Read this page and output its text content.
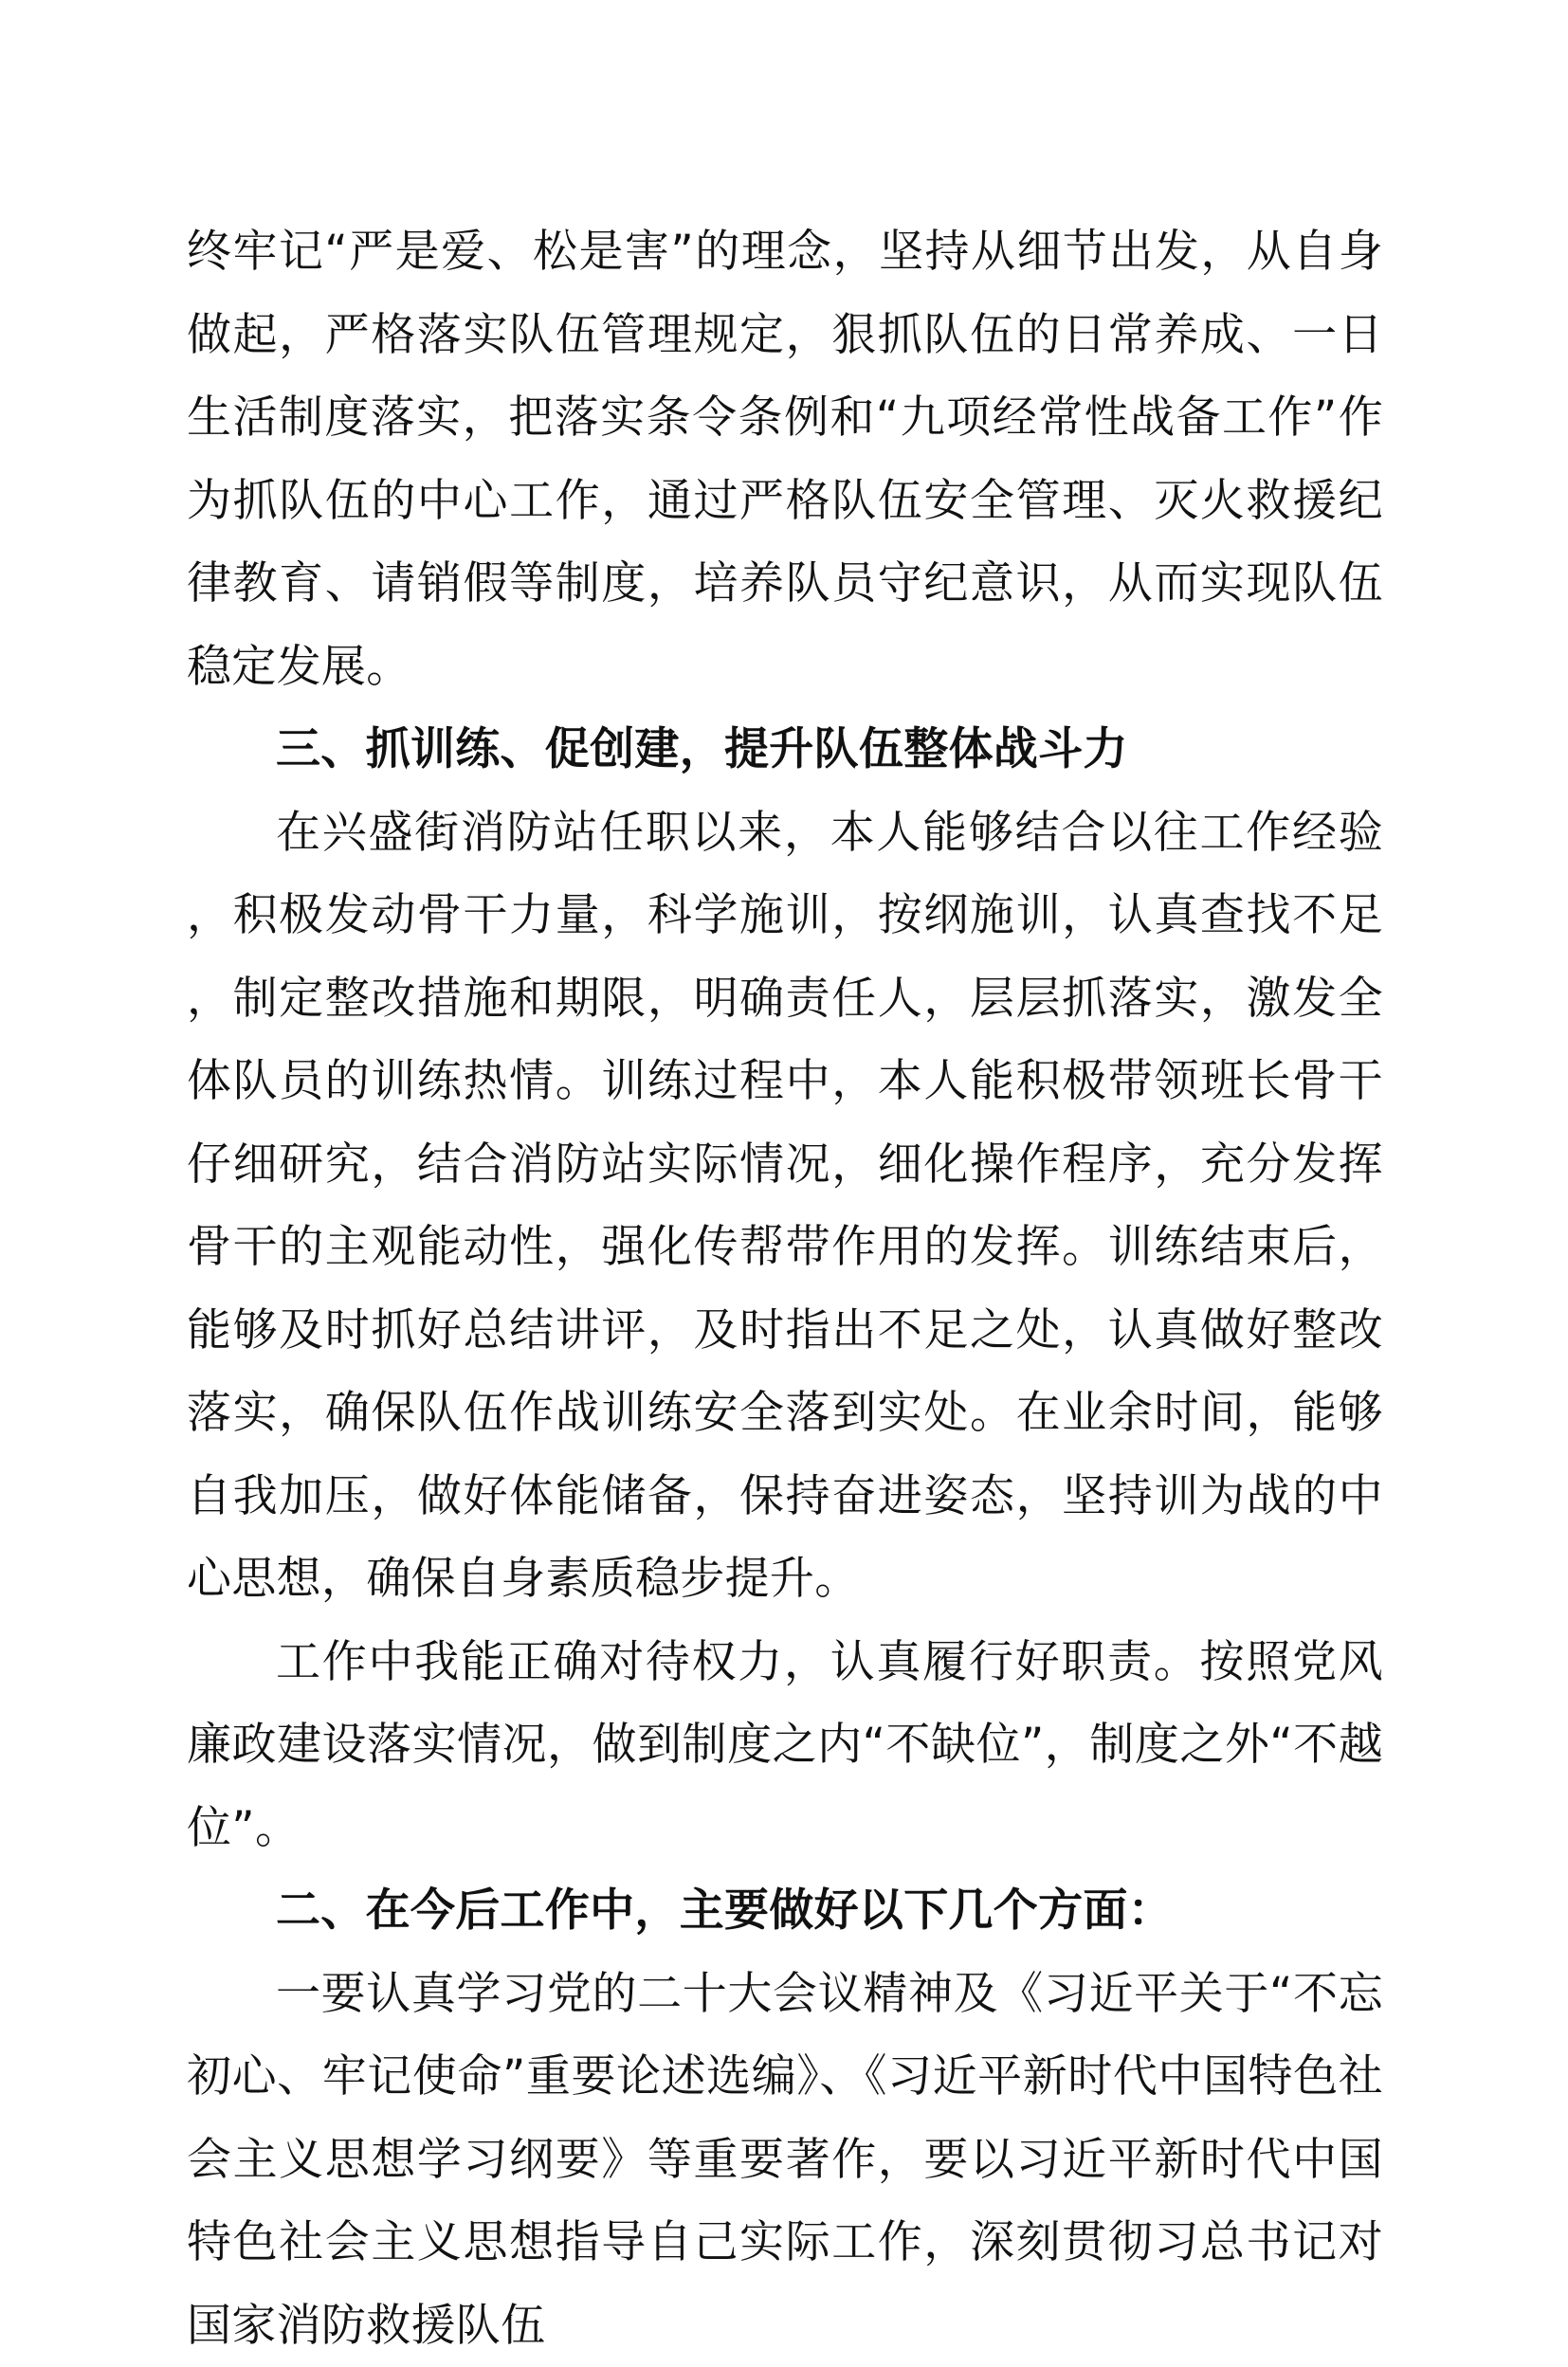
终牢记“严是爱、松是害”的理念，坚持从细节出发，从自身做起，严格落实队伍管理规定，狠抓队伍的日常养成、一日生活制度落实，把落实条令条例和“九项经常性战备工作”作为抓队伍的中心工作，通过严格队伍安全管理、灭火救援纪律教育、请销假等制度，培养队员守纪意识，从而实现队伍稳定发展。

三、抓训练、促创建，提升队伍整体战斗力

在兴盛街消防站任职以来，本人能够结合以往工作经验，积极发动骨干力量，科学施训，按纲施训，认真查找不足，制定整改措施和期限，明确责任人，层层抓落实，激发全体队员的训练热情。训练过程中，本人能积极带领班长骨干仔细研究，结合消防站实际情况，细化操作程序，充分发挥骨干的主观能动性，强化传帮带作用的发挥。训练结束后，能够及时抓好总结讲评，及时指出不足之处，认真做好整改落实，确保队伍作战训练安全落到实处。在业余时间，能够自我加压，做好体能储备，保持奋进姿态，坚持训为战的中心思想，确保自身素质稳步提升。

工作中我能正确对待权力，认真履行好职责。按照党风廉政建设落实情况，做到制度之内“不缺位”，制度之外“不越位”。

二、在今后工作中，主要做好以下几个方面：

一要认真学习党的二十大会议精神及《习近平关于“不忘初心、牢记使命”重要论述选编》、《习近平新时代中国特色社会主义思想学习纲要》等重要著作，要以习近平新时代中国特色社会主义思想指导自己实际工作，深刻贯彻习总书记对国家消防救援队伍
